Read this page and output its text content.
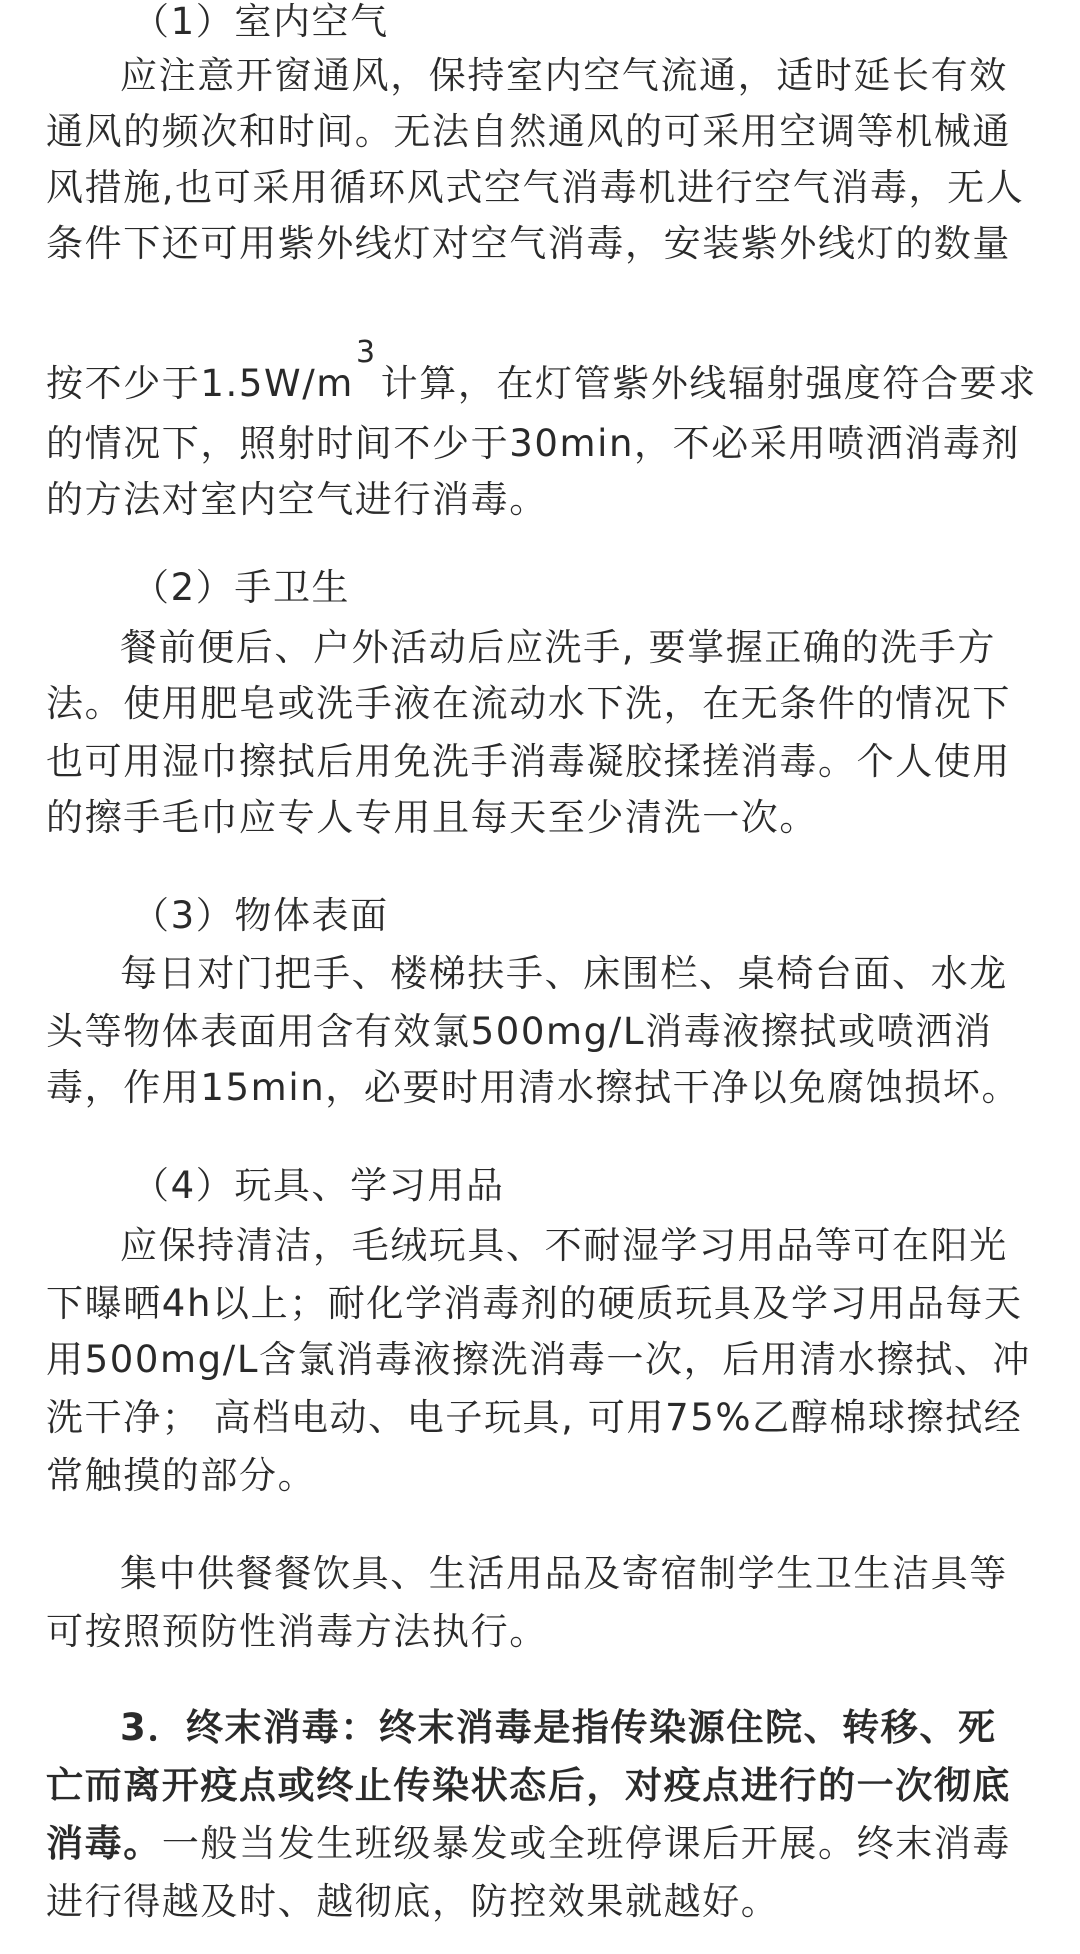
（1）室内空气
应注意开窗通风，保持室内空气流通，适时延长有效
通风的频次和时间。无法自然通风的可采用空调等机械通
风措施,也可采用循环风式空气消毒机进行空气消毒，无人
条件下还可用紫外线灯对空气消毒，安装紫外线灯的数量
按不少于$1.5W/m^3$计算，在灯管紫外线辐射强度符合要求
的情况下，照射时间不少于30min，不必采用喷洒消毒剂
的方法对室内空气进行消毒。
（2）手卫生
餐前便后、户外活动后应洗手, 要掌握正确的洗手方
法。使用肥皂或洗手液在流动水下洗，在无条件的情况下
也可用湿巾擦拭后用免洗手消毒凝胶揉搓消毒。个人使用
的擦手毛巾应专人专用且每天至少清洗一次。
（3）物体表面
每日对门把手、楼梯扶手、床围栏、桌椅台面、水龙
头等物体表面用含有效氯500mg/L消毒液擦拭或喷洒消
毒，作用15min，必要时用清水擦拭干净以免腐蚀损坏。
（4）玩具、学习用品
应保持清洁，毛绒玩具、不耐湿学习用品等可在阳光
下曝晒4h以上；耐化学消毒剂的硬质玩具及学习用品每天
用500mg/L含氯消毒液擦洗消毒一次，后用清水擦拭、冲
洗干净； 高档电动、电子玩具, 可用75%乙醇棉球擦拭经
常触摸的部分。
集中供餐餐饮具、生活用品及寄宿制学生卫生洁具等
可按照预防性消毒方法执行。
3．终末消毒：终末消毒是指传染源住院、转移、死
亡而离开疫点或终止传染状态后，对疫点进行的一次彻底
消毒。一般当发生班级暴发或全班停课后开展。终末消毒
进行得越及时、越彻底，防控效果就越好。
